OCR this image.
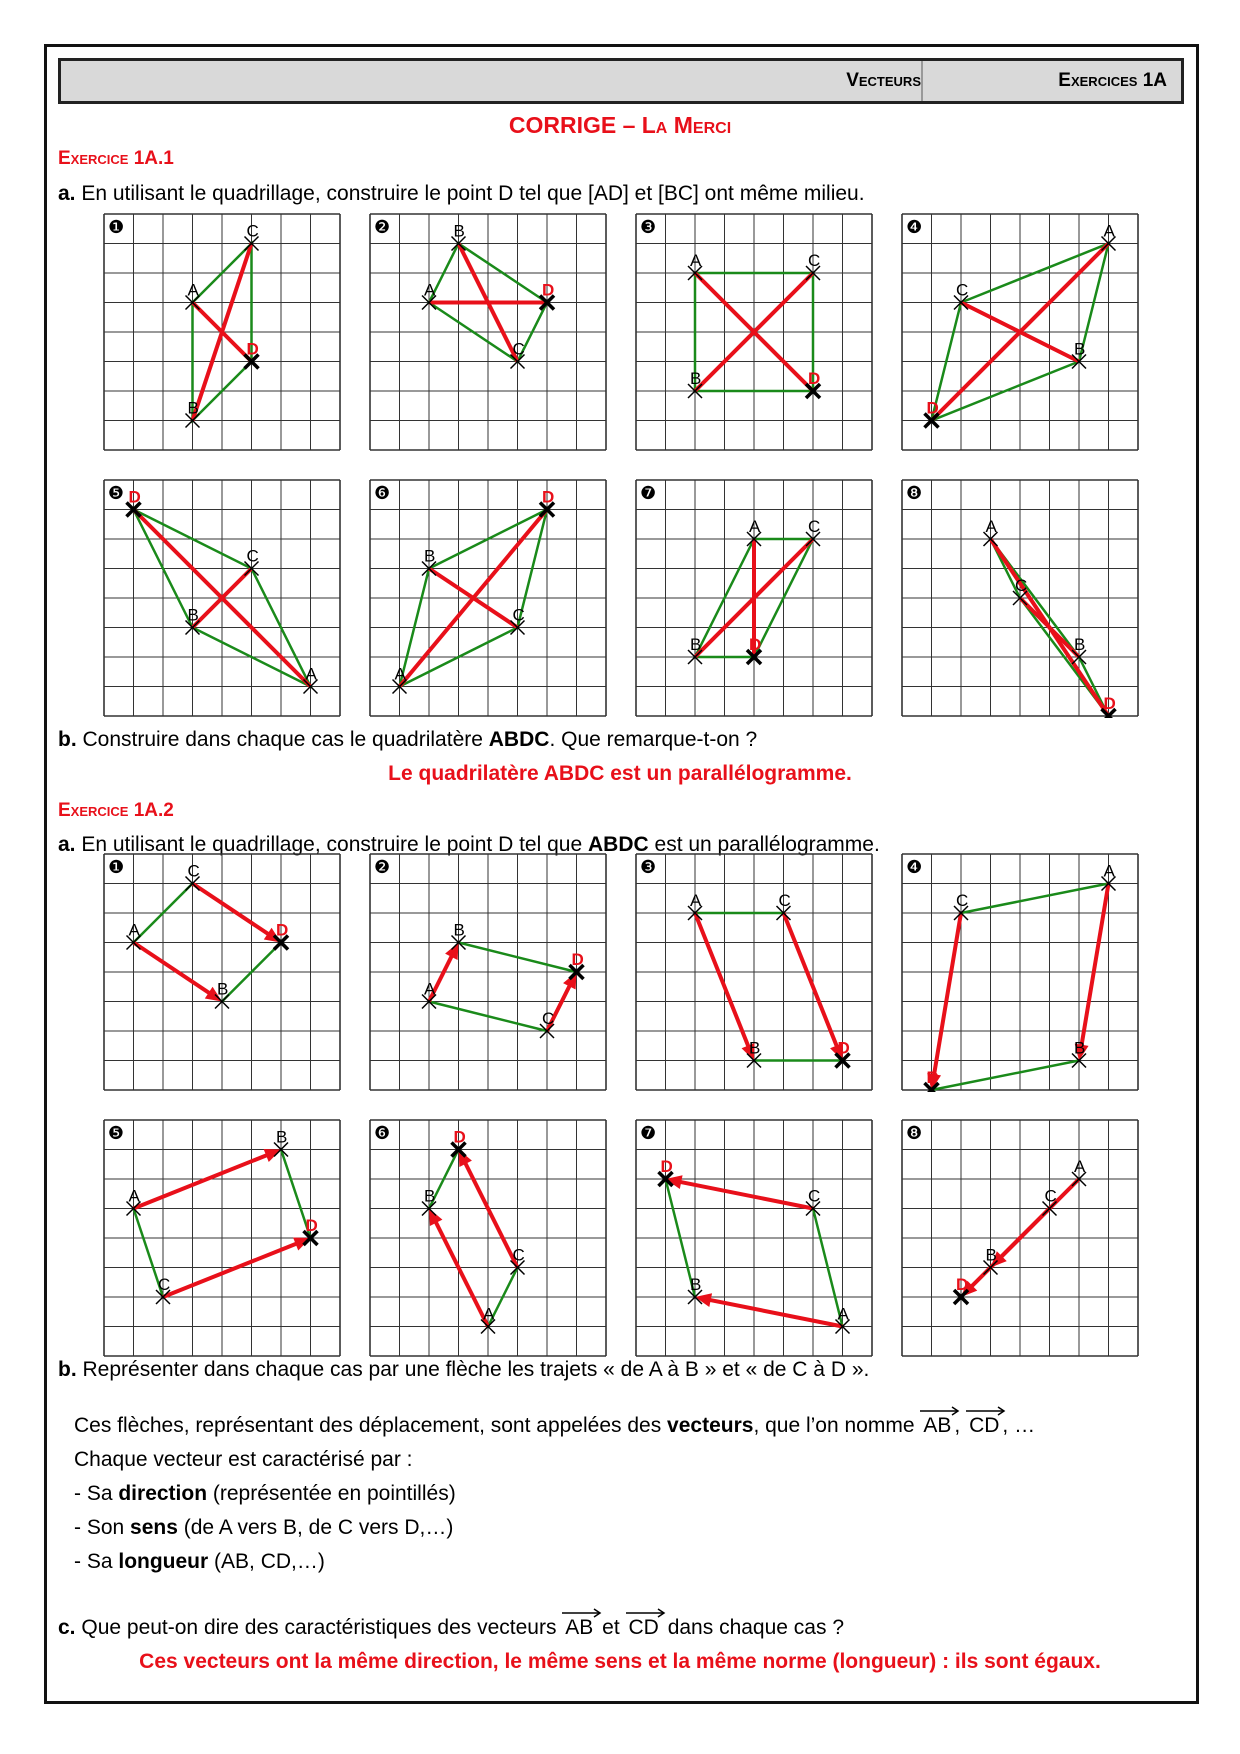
Vecteurs	Exercices 1A
CORRIGE – La Merci
Exercice 1A.1
a. En utilisant le quadrillage, construire le point D tel que [AD] et [BC] ont même milieu.
A
B
C
D
❶
A
B
C
D
❷
A
B
C
D
❸	A
B
C
D
❹
A
B
C
D
❺
A
B
C
D
❻
A
B
C
D
❼
A
B
C
D
❽
b. Construire dans chaque cas le quadrilatère ABDC. Que remarque-t-on ?
Le quadrilatère ABDC est un parallélogramme.
Exercice 1A.2
a. En utilisant le quadrillage, construire le point D tel que ABDC est un parallélogramme.
A
B
C
D
❶
A
B
C
D
❷
A
B
C
D
❸	A
B
C
D
❹
A
B
C
D
❺
A
B
C
D
❻
A
B
C
D
❼
A
B
C
D
❽
b. Représenter dans chaque cas par une flèche les trajets « de A à B » et « de C à D ».
Ces flèches, représentant des déplacement, sont appelées des vecteurs, que l’on nomme AB , CD , …
Chaque vecteur est caractérisé par :
- Sa direction (représentée en pointillés)
- Son sens (de A vers B, de C vers D,…)
- Sa longueur (AB, CD,…)
c. Que peut-on dire des caractéristiques des vecteurs AB et CD dans chaque cas ?
Ces vecteurs ont la même direction, le même sens et la même norme (longueur) : ils sont égaux.
